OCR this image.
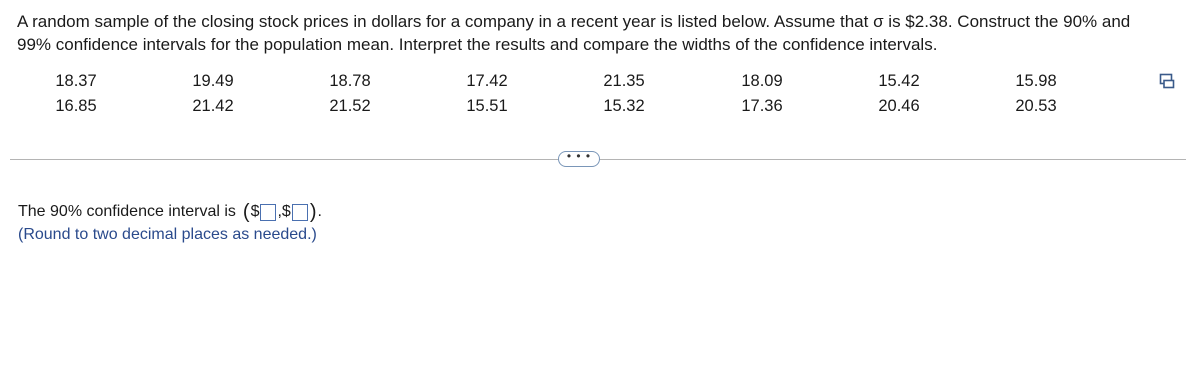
A random sample of the closing stock prices in dollars for a company in a recent year is listed below. Assume that σ is $2.38. Construct the 90% and 99% confidence intervals for the population mean. Interpret the results and compare the widths of the confidence intervals.
18.37	19.49	18.78	17.42	21.35	18.09	15.42	15.98
16.85	21.42	21.52	15.51	15.32	17.36	20.46	20.53
• • •
The 90% confidence interval is ( $ ,$ ) .
(Round to two decimal places as needed.)
